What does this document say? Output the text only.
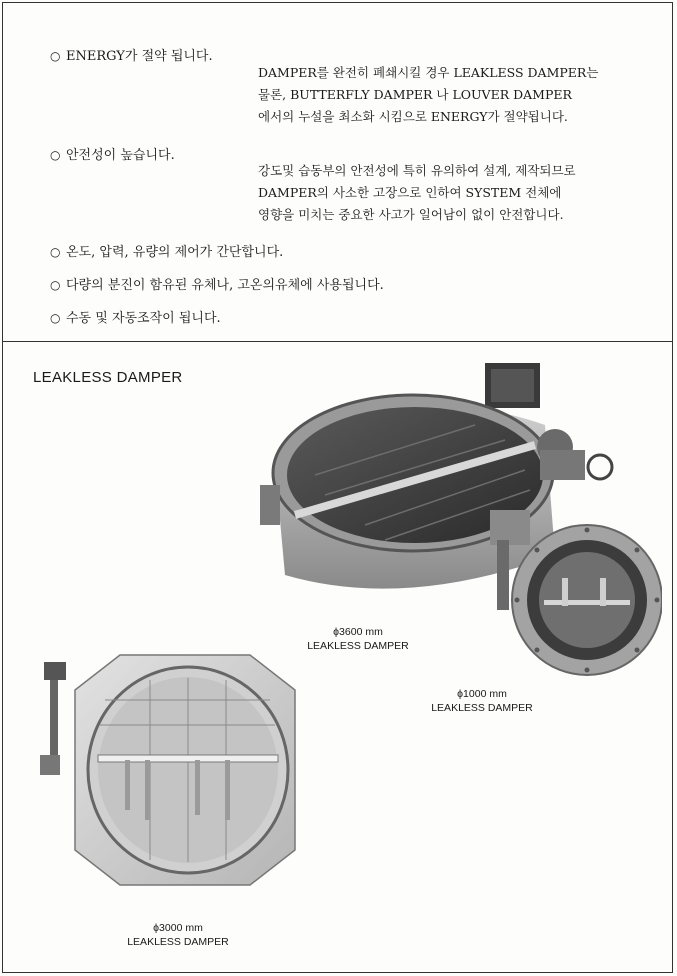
○ ENERGY가 절약 됩니다.
DAMPER를 완전히 폐쇄시킬 경우 LEAKLESS DAMPER는
물론, BUTTERFLY DAMPER 나 LOUVER DAMPER
에서의 누설을 최소화 시킴으로 ENERGY가 절약됩니다.
○ 안전성이 높습니다.
강도및 습동부의 안전성에 특히 유의하여 설계, 제작되므로
DAMPER의 사소한 고장으로 인하여 SYSTEM 전체에
영향을 미치는 중요한 사고가 일어남이 없이 안전합니다.
○ 온도, 압력, 유량의 제어가 간단합니다.
○ 다량의 분진이 함유된 유체나, 고온의유체에 사용됩니다.
○ 수동 및 자동조작이 됩니다.
LEAKLESS DAMPER
ϕ3600 mm
LEAKLESS DAMPER
ϕ1000 mm
LEAKLESS DAMPER
ϕ3000 mm
LEAKLESS DAMPER
